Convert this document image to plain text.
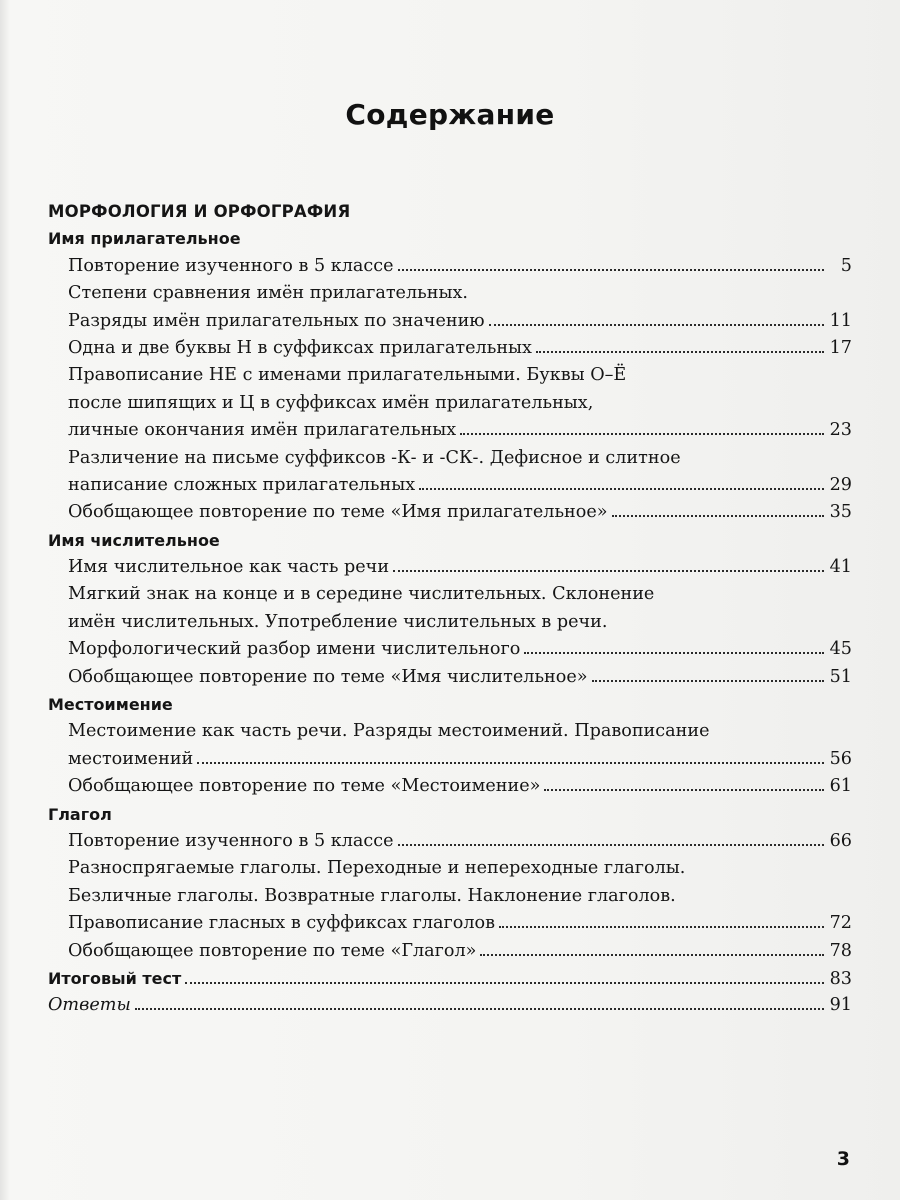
Содержание
МОРФОЛОГИЯ И ОРФОГРАФИЯ
Имя прилагательное
Повторение изученного в 5 классе	5
Степени сравнения имён прилагательных.
Разряды имён прилагательных по значению	11
Одна и две буквы Н в суффиксах прилагательных	17
Правописание НЕ с именами прилагательными. Буквы О–Ё
после шипящих и Ц в суффиксах имён прилагательных,
личные окончания имён прилагательных	23
Различение на письме суффиксов -К- и -СК-. Дефисное и слитное
написание сложных прилагательных	29
Обобщающее повторение по теме «Имя прилагательное»	35
Имя числительное
Имя числительное как часть речи	41
Мягкий знак на конце и в середине числительных. Склонение
имён числительных. Употребление числительных в речи.
Морфологический разбор имени числительного	45
Обобщающее повторение по теме «Имя числительное»	51
Местоимение
Местоимение как часть речи. Разряды местоимений. Правописание
местоимений	56
Обобщающее повторение по теме «Местоимение»	61
Глагол
Повторение изученного в 5 классе	66
Разноспрягаемые глаголы. Переходные и непереходные глаголы.
Безличные глаголы. Возвратные глаголы. Наклонение глаголов.
Правописание гласных в суффиксах глаголов	72
Обобщающее повторение по теме «Глагол»	78
Итоговый тест	83
Ответы	91
3
